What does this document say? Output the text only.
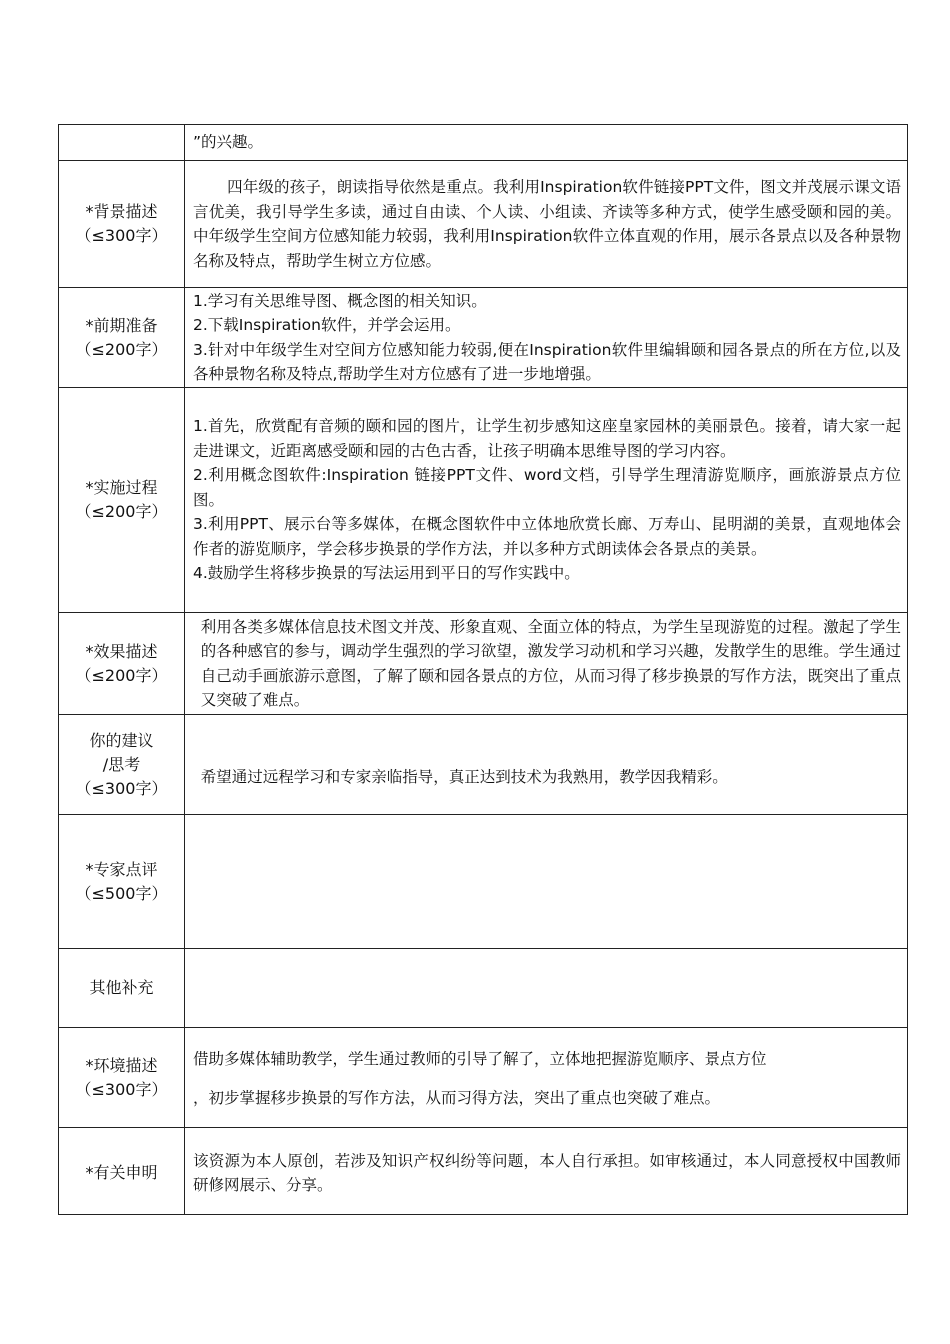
	”的兴趣。

*背景描述
（≤300字）	四年级的孩子，朗读指导依然是重点。我利用Inspiration软件链接PPT文件，图文并茂展示课文语言优美，我引导学生多读，通过自由读、个人读、小组读、齐读等多种方式，使学生感受颐和园的美。中年级学生空间方位感知能力较弱，我利用Inspiration软件立体直观的作用，展示各景点以及各种景物名称及特点，帮助学生树立方位感。

*前期准备
（≤200字）	1.学习有关思维导图、概念图的相关知识。
2.下载Inspiration软件，并学会运用。
3.针对中年级学生对空间方位感知能力较弱,便在Inspiration软件里编辑颐和园各景点的所在方位,以及各种景物名称及特点,帮助学生对方位感有了进一步地增强。

*实施过程
（≤200字）	1.首先，欣赏配有音频的颐和园的图片，让学生初步感知这座皇家园林的美丽景色。接着，请大家一起走进课文，近距离感受颐和园的古色古香，让孩子明确本思维导图的学习内容。
2.利用概念图软件:Inspiration 链接PPT文件、word文档，引导学生理清游览顺序，画旅游景点方位图。
3.利用PPT、展示台等多媒体，在概念图软件中立体地欣赏长廊、万寿山、昆明湖的美景，直观地体会作者的游览顺序，学会移步换景的学作方法，并以多种方式朗读体会各景点的美景。
4.鼓励学生将移步换景的写法运用到平日的写作实践中。

*效果描述
（≤200字）	利用各类多媒体信息技术图文并茂、形象直观、全面立体的特点，为学生呈现游览的过程。激起了学生的各种感官的参与，调动学生强烈的学习欲望，激发学习动机和学习兴趣，发散学生的思维。学生通过自己动手画旅游示意图，了解了颐和园各景点的方位，从而习得了移步换景的写作方法，既突出了重点又突破了难点。

你的建议
/思考
（≤300字）	希望通过远程学习和专家亲临指导，真正达到技术为我熟用，教学因我精彩。

*专家点评
（≤500字）	

其他补充	

*环境描述
（≤300字）	借助多媒体辅助教学，学生通过教师的引导了解了，立体地把握游览顺序、景点方位
，初步掌握移步换景的写作方法，从而习得方法，突出了重点也突破了难点。

*有关申明	该资源为本人原创，若涉及知识产权纠纷等问题，本人自行承担。如审核通过，本人同意授权中国教师研修网展示、分享。
